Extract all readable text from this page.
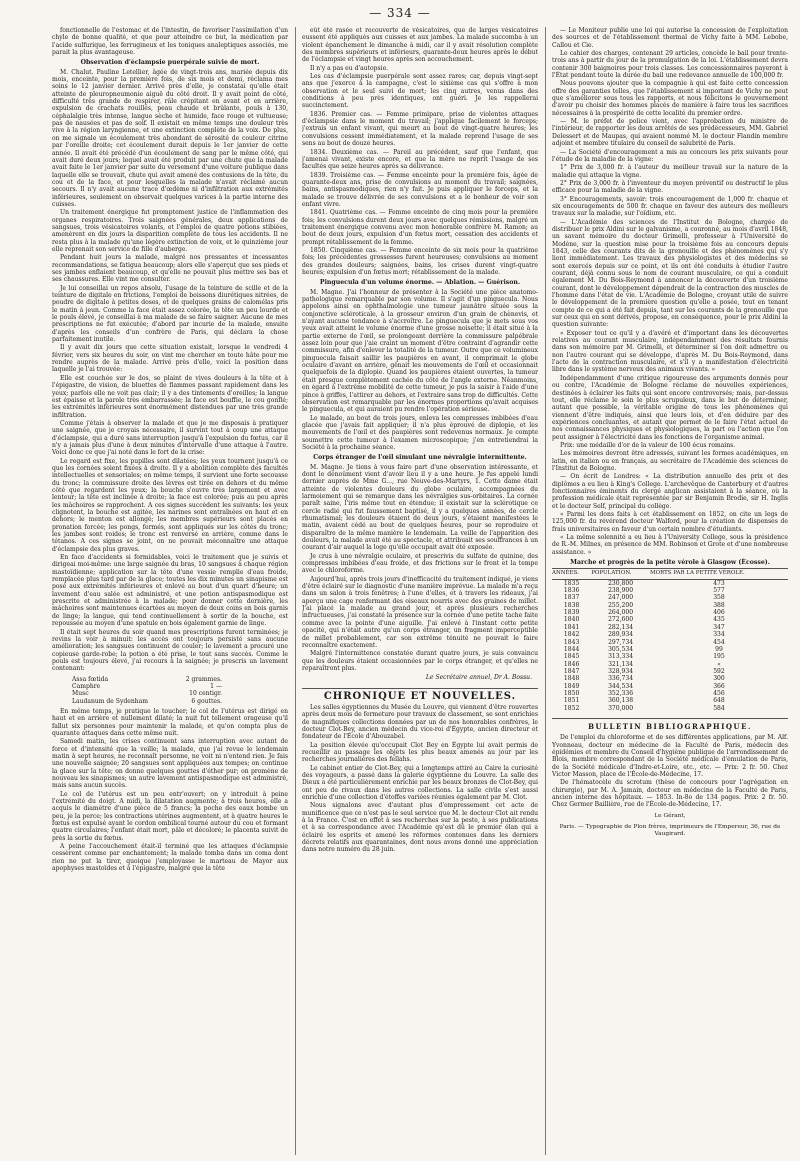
— 334 —

fonctionnelle de l'estomac et de l'intestin, de favoriser l'assimilation d'un chyle de bonne qualité, et que pour atteindre ce but, la médication par l'acide sulfurique, les ferrugineux et les toniques analeptiques associés, me parait la plus avantageuse.

Observation d'éclampsie puerpérale suivie de mort.

M. Chalut. Pauline Letellier, âgée de vingt-trois ans, mariée depuis dix mois, enceinte, pour la première fois, de six mois et demi, réclama mes soins le 12 janvier dernier. Arrivé près d'elle, je constatai qu'elle était atteinte de pleuropneumonie aiguë du côté droit. Il y avait point de côté, difficulté très grande de respirer, râle crépitant en avant et en arrière, expulsion de crachats rouillés, peau chaude et brûlante, pouls à 130, céphalalgie très intense, langue sèche et humide, face rouge et vultueuse; pas de nausées et pas de soif. Il existait en même temps une douleur très vive à la région laryngienne, et une extinction complète de la voix. De plus, on me signale un écoulement très abondant de sérosité de couleur citrine par l'oreille droite; cet écoulement durait depuis le 1er janvier de cette année. Il avait été précédé d'un écoulement de sang par le même côté, qui avait duré deux jours; lequel avait été produit par une chute que la malade avait faite le 1er janvier par suite du versement d'une voiture publique dans laquelle elle se trouvait, chute qui avait amené des contusions de la tête, du cou et de la face, et pour lesquelles la malade n'avait réclamé aucun secours. Il n'y avait aucune trace d'œdème ni d'infiltration aux extrémités inférieures, seulement on observait quelques varices à la partie interne des cuisses.

Un traitement énergique fut promptement justice de l'inflammation des organes respiratoires. Trois saignées générales, deux applications de sangsues, trois vésicatoires volants, et l'emploi de quatre potions stibiées, amenèrent en dix jours la disparition complète de tous les accidents. Il ne resta plus à la malade qu'une légère extinction de voix, et le quinzième jour elle reprenait son service de fille d'auberge.

Pendant huit jours la malade, malgré nos pressantes et incessantes recommandations, se fatigua beaucoup; alors elle s'aperçut que ses pieds et ses jambes enflaient beaucoup, et qu'elle ne pouvait plus mettre ses bas et ses chaussures. Elle vint me consulter.

Je lui conseillai un repos absolu, l'usage de la teinture de scille et de la teinture de digitale en frictions, l'emploi de boissons diurétiques nitrées, de poudre de digitale à petites doses, et de quelques grains de calomélas pris le matin à jeun. Comme la face était assez colorée, la tête un peu lourde et le pouls élevé, je conseillai à ma malade de se faire saigner. Aucune de mes prescriptions ne fut exécutée; d'abord par incurie de la malade, ensuite d'après les conseils d'un confrère de Paris, qui déclara la chose parfaitement inutile.

Il y avait dix jours que cette situation existait, lorsque le vendredi 4 février, vers six heures du soir, on vint me chercher en toute hâte pour me rendre auprès de la malade. Arrivé près d'elle, voici la position dans laquelle je l'ai trouvée:

Elle est couchée sur le dos, se plaint de vives douleurs à la tête et à l'épigastre, de vision, de bluettes de flammes passant rapidement dans les yeux; parfois elle ne voit pas clair; il y a des tintements d'oreilles; la langue est épaisse et la parole très embarrassée; la face est bouffie, le cou gonflé; les extrémités inférieures sont énormément distendues par une très grande infiltration.

Comme j'étais à observer la malade et que je me disposais à pratiquer une saignée, que je croyais nécessaire, il survint tout à coup une attaque d'éclampsie, qui a duré sans interruption jusqu'à l'expulsion du fœtus, car il n'y a jamais plus d'une à deux minutes d'intervalle d'une attaque à l'autre. Voici donc ce que j'ai noté dans le fort de la crise:

Le regard est fixe, les pupilles sont dilatées; les yeux tournent jusqu'à ce que les cornées soient fixées à droite. Il y a abolition complète des facultés intellectuelles et sensoriales; en même temps, il survient une forte secousse du tronc; la commissure droite des lèvres est tirée en dehors et du même côté que regardent les yeux; la bouche s'ouvre très largement et avec lenteur; la tête est inclinée à droite; la face est colorée; puis au peu après les mâchoires se rapprochent. A ces signes succèdent les suivants: les yeux clignotent, la bouche est agitée, les narines sont entraînées en haut et en dehors; le menton est allongé; les membres supérieurs sont placés en pronation forcée; les pongs, fermés, sont appliqués sur les côtés du tronc; les jambes sont roides; le tronc est renversé en arrière, comme dans le tétanos. A ces signes se joint, on ne pouvait méconnaître une attaque d'éclampsie des plus graves.

En face d'accidents si formidables, voici le traitement que je suivis et dirigeai moi-même: une large saignée du bras, 10 sangsues à chaque région mastoïdienne; application sur la tête d'une vessie remplie d'eau froide, remplacée plus tard par de la glace; toutes les dix minutes un sinapisme est posé aux extrémités inférieures et enlevé au bout d'un quart d'heure; un lavement d'eau salée est administré, et une potion antispasmodique est prescrite et administrée à la malade; pour donner cette dernière, les mâchoires sont maintenues écartées au moyen de deux coins en bois garnis de linge; la langue, qui tend continuellement à sortir de la bouche, est repoussée au moyen d'une spatule en bois également garnie de linge.

Il était sept heures du soir quand mes prescriptions furent terminées; je revins la voir à minuit: les accès ont toujours persisté sans aucune amélioration; les sangsues continuent de couler; le lavement a procuré une copieuse garde-robe; la potion a été prise, le tout sans succès. Comme le pouls est toujours élevé, j'ai recours à la saignée; je prescris un lavement contenant:

Assa fœtida	2 grammes.
Camphre	1 —
Musc	10 centigr.
Laudanum de Sydenham	6 gouttes.

En même temps, je pratique le toucher; le col de l'utérus est dirigé en haut et en arrière et nullement dilaté; la nuit fut tellement orageuse qu'il fallut six personnes pour maintenir la malade, et qu'on compta plus de quarante attaques dans cette même nuit.

Samedi matin, les crises continuent sans interruption avec autant de force et d'intensité que la veille; la malade, que j'ai revue le lendemain matin à sept heures, ne reconnaît personne, ne voit ni n'entend rien. Je fais une nouvelle saignée; 20 sangsues sont appliquées aux tempes; on continue la glace sur la tête; on donne quelques gouttes d'éther pur; on promène de nouveau les sinapismes; un autre lavement antispasmodique est administré, mais sans aucun succès.

Le col de l'utérus est un peu entr'ouvert; on y introduit à peine l'extrémité du doigt. A midi, la dilatation augmente; à trois heures, elle a acquis le diamètre d'une pièce de 5 francs; la poche des eaux bombe un peu, je la perce; les contractions utérines augmentent, et à quatre heures le fœtus est expulsé ayant le cordon ombilical tourné autour du cou et formant quatre circulaires; l'enfant était mort, pâle et décoloré; le placenta suivit de près la sortie du fœtus.

A peine l'accouchement était-il terminé que les attaques d'éclampsie cessèrent comme par enchantement; la malade tomba dans un coma dont rien ne put la tirer, quoique j'employasse le marteau de Mayor aux apophyses mastoïdes et à l'épigastre, malgré que la tête

eût été rasée et recouverte de vésicatoires, que de larges vésicatoires eussent été appliqués aux cuisses et aux jambes. La malade succomba à un violent épanchement le dimanche à midi, car il y avait résolution complète des membres supérieurs et inférieurs, quarante-deux heures après le début de l'éclampsie et vingt heures après son accouchement.

Il n'y a pas eu d'autopsie.

Les cas d'éclampsie puerpérale sont assez rares; car, depuis vingt-sept ans que j'exerce à la campagne, c'est le sixième cas qui s'offre à mon observation et le seul suivi de mort; les cinq autres, venus dans des conditions à peu près identiques, ont guéri. Je les rappellerai succinctement.

1836. Premier cas. — Femme primipare, prise de violentes attaques d'éclampsie dans le moment du travail; j'applique facilement le forceps; j'extrais un enfant vivant, qui meurt au bout de vingt-quatre heures; les convulsions cessent immédiatement, et la malade reprend l'usage de ses sens au bout de douze heures.

1834. Deuxième cas. — Pareil au précédent, sauf que l'enfant, que j'amenai vivant, existe encore, et que la mère ne reprit l'usage de ses facultés que seize heures après sa délivrance.

1839. Troisième cas. — Femme enceinte pour la première fois, âgée de quarante-deux ans, prise de convulsions au moment du travail; saignées, bains, antispasmodiques, rien n'y fait. Je puis appliquer le forceps, et la malade se trouve délivrée de ses convulsions et a le bonheur de voir son enfant vivre.

1841. Quatrième cas. — Femme enceinte de cinq mois pour la première fois; les convulsions durent deux jours avec quelques rémissions, malgré un traitement énergique convenu avec mon honorable confrère M. Ramon; au bout de deux jours, expulsion d'un fœtus mort, cessation des accidents et prompt rétablissement de la femme.

1850. Cinquième cas. — Femme enceinte de six mois pour la quatrième fois; les précédentes grossesses furent heureuses; convulsions au moment des grandes douleurs; saignées, bains, les crises durent vingt-quatre heures; expulsion d'un fœtus mort; rétablissement de la malade.

Pinguecula d'un volume énorme. — Ablation. — Guérison.

M. Magne. J'ai l'honneur de présenter à la Société une pièce anatomo-pathologique remarquable par son volume. Il s'agit d'un pinguecula. Nous appelons ainsi en ophthalmologie une tumeur jaunâtre située sous la conjonctive scléroticale, à la grosseur environ d'un grain de chènevis, et n'ayant aucune tendance à s'accroître. Le pinguecula que je mets sous vos yeux avait atteint le volume énorme d'une grosse noisette; il était situé à la partie externe de l'œil, se prolongeant derrière la commissure palpébrale assez loin pour que j'aie craint un moment d'être contraint d'agrandir cette commissure, afin d'enlever la totalité de la tumeur. Outre que ce volumineux pinguecula faisait saillir les paupières en avant, il comprimait le globe oculaire d'avant en arrière, gênait les mouvements de l'œil et occasionnait quelquefois de la diplopie. Quand les paupières étaient ouvertes, la tumeur était presque complètement cachée du côté de l'angle externe. Néanmoins, en égard à l'extrême mobilité de cette tumeur, je pus la saisir à l'aide d'une pince à griffes, l'attirer au dehors, et l'extraire sans trop de difficultés. Cette observation est remarquable par les énormes proportions qu'avait acquises le pinguecula, et qui auraient pu rendre l'opération sérieuse.

Le malade, au bout de trois jours, enleva les compresses imbibées d'eau glacée que j'avais fait appliquer; il n'a plus éprouvé de diplopie, et les mouvements de l'œil et des paupières sont redevenus normaux. Je compte soumettre cette tumeur à l'examen microscopique; j'en entretiendrai la Société à la prochaine séance.

Corps étranger de l'œil simulant une névralgie intermittente.

M. Magne. Je tiens à vous faire part d'une observation intéressante, et dont le dénoûment vient d'avoir lieu il y a une heure. Je fus appelé lundi dernier auprès de Mme G..., rue Neuve-des-Martyrs, 1. Cette dame était atteinte de violentes douleurs du globe oculaire, accompagnées du larmoiement qui se remarque dans les névralgies sus-orbitaires. La cornée paraît saine, l'iris même tout en étendue; il existait sur la sclérotique ce cercle radié qui fut faussement baptisé, il y a quelques années, de cercle rhumatismal; les douleurs étaient de deux jours, s'étaient manifestées le matin, avaient cédé au bout de quelques heures, pour se reproduire et disparaître de la même manière le lendemain. La veille de l'apparition des douleurs, la malade avait été au spectacle, et attribuait ses souffrances à un courant d'air auquel la loge qu'elle occupait avait été exposée.

Je crus à une névralgie oculaire, et prescrivis du sulfate de quinine, des compresses imbibées d'eau froide, et des frictions sur le front et la tempe avec le chloroforme.

Aujourd'hui, après trois jours d'inefficacité du traitement indiqué, je viens d'être éclairé sur le diagnostic d'une manière imprévue. La malade m'a reçu dans un salon à trois fenêtres; à l'une d'elles, et à travers les rideaux, j'ai aperçu une cage renfermant des oiseaux nourris avec des graines de millet. J'ai placé la malade au grand jour, et après plusieurs recherches infructueuses, j'ai constaté la présence sur la cornée d'une petite tache faite comme avec la pointe d'une aiguille. J'ai enlevé à l'instant cette petite opacité, qui n'était autre qu'un corps étranger, un fragment imperceptible de millet probablement, car son extrême ténuité ne pouvait le faire reconnaître exactement.

Malgré l'intermittence constatée durant quatre jours, je suis convaincu que les douleurs étaient occasionnées par le corps étranger, et qu'elles ne reparaîtront plus.

Le Secrétaire annuel, Dr A. Bossu.

CHRONIQUE ET NOUVELLES.

Les salles égyptiennes du Musée du Louvre, qui viennent d'être rouvertes après deux mois de fermeture pour travaux de classement, se sont enrichies de magnifiques collections données par un de nos honorables confrères, le docteur Clot-Bey, ancien médecin du vice-roi d'Égypte, ancien directeur et fondateur de l'École d'Abouzabel.

La position élevée qu'occupait Clot Bey en Égypte lui avait permis de recueillir au passage les objets les plus beaux amenés au jour par les recherches journalières des fellahs.

Le cabinet entier de Clot-Bey, qui a longtemps attiré au Caire la curiosité des voyageurs, a passé dans la galerie égyptienne du Louvre. La salle des Dieux a été particulièrement enrichie par les beaux bronzes de Clot-Bey, qui ont peu de rivaux dans les autres collections. La salle civile s'est aussi enrichie d'une collection d'étoffes variées réunies également par M. Clot.

Nous signalons avec d'autant plus d'empressement cet acte de munificence que ce n'est pas le seul service que M. le docteur Clot ait rendu à la France. C'est en effet à ses recherches sur la peste, à ses publications et à sa correspondance avec l'Académie qu'est dû le premier élan qui a éclairé les esprits et amené les réformes contenues dans les derniers décrets relatifs aux quarantaines, dont nous avons donné une appréciation dans notre numéro du 28 juin.

— Le Moniteur publie une loi qui autorise la concession de l'exploitation des sources et de l'établissement thermal de Vichy faite à MM. Lebobe, Callou et Cie.

Le cahier des charges, contenant 29 articles, concède le bail pour trente-trois ans à partir du jour de la promulgation de la loi. L'établissement devra contenir 300 baignoires pour trois classes. Les concessionnaires payeront à l'État pendant toute la durée du bail une redevance annuelle de 100,000 fr.

Nous pouvons ajouter que la compagnie à qui est faite cette concession offre des garanties telles, que l'établissement si important de Vichy ne peut que s'améliorer sous tous les rapports, et nous félicitons le gouvernement d'avoir pu choisir des hommes placés de manière à faire tous les sacrifices nécessaires à la prospérité de cette localité du premier ordre.

— M. le préfet de police vient, avec l'approbation du ministre de l'intérieur, de rapporter les deux arrêtés de ses prédécesseurs, MM. Gabriel Delessert et de Maupas, qui avaient nommé M. le docteur Flandin membre adjoint et membre titulaire du conseil de salubrité de Paris.

— La Société d'encouragement a mis au concours les prix suivants pour l'étude de la maladie de la vigne:

1° Prix de 3,000 fr. à l'auteur du meilleur travail sur la nature de la maladie qui attaque la vigne.

2° Prix de 3,000 fr. à l'inventeur du moyen préventif ou destructif le plus efficace pour la maladie de la vigne.

3° Encouragements, savoir: trois encouragement de 1,000 fr. chaque et six encouragements de 500 fr. chaque en faveur des auteurs des meilleurs travaux sur la maladie, sur l'oïdium, etc.

— L'Académie des sciences de l'Institut de Bologne, chargée de distribuer le prix Aldini sur le galvanisme, a couronné, au mois d'avril 1848, un savant mémoire du docteur Grimelli, professeur à l'Université de Modène, sur la question mise pour la troisième fois au concours depuis 1843, celle des courants dits de la grenouille et des phénomènes qui s'y lient immédiatement. Les travaux des physiologistes et des médecins se sont exercés depuis sur ce point, et ils ont été conduits à étudier l'autre courant, déjà connu sous le nom de courant musculaire, ce qui a conduit également M. Du Bois-Reymond à annoncer la découverte d'un troisième courant, dont le développement dépendrait de la contraction des muscles de l'homme dans l'état de vie. L'Académie de Bologne, croyant utile de suivre le développement de la première question qu'elle a posée, tout en tenant compte de ce qui a été fait depuis, tant sur les courants de la grenouille que sur ceux qui en sont dérivés, propose, en conséquence, pour le prix Aldini la question suivante:

« Exposer tout ce qu'il y a d'avéré et d'important dans les découvertes relatives au courant musculaire, indépendamment des résultats fournis dans son mémoire par M. Grimelli, et déterminer si l'on doit admettre ou non l'autre courant qui se développe, d'après M. Du Bois-Reymond, dans l'acte de la contraction musculaire, et s'il y a manifestation d'électricité libre dans le système nerveux des animaux vivants. »

Indépendamment d'une critique rigoureuse des arguments donnés pour ou contre, l'Académie de Bologne réclame de nouvelles expériences, destinées à éclairer les faits qui sont encore controversés; mais, par-dessus tout, elle réclame le soin le plus scrupuleux, dans le but de déterminer, autant que possible, la véritable origine de tous les phénomènes qui viennent d'être indiqués, ainsi que leurs lois, et d'en déduire par des expériences concluantes, et autant que permet de le faire l'état actuel de nos connaissances physiques et physiologiques, la part ou l'action que l'on peut assigner à l'électricité dans les fonctions de l'organisme animal.

Prix: une médaille d'or de la valeur de 100 écus romains.

Les mémoires devront être adressés, suivant les formes académiques, en latin, en italien ou en français, au secrétaire de l'Académie des sciences de l'Institut de Bologne.

— On écrit de Londres: « La distribution annuelle des prix et des diplômes a eu lieu à King's College. L'archevêque de Canterbury et d'autres fonctionnaires éminents du clergé anglican assistaient à la séance, où la profession médicale était représentée par sir Benjamin Brodie, sir H. Inglis et le docteur Self, principal du collège.

« Parmi les dons faits à cet établissement en 1852, on cite un legs de 125,000 fr. du révérend docteur Walford, pour la création de dispenses de frais universitaires en faveur d'un certain nombre d'étudiants.

« La même solennité a eu lieu à l'University College, sous la présidence de R.-M. Milnes, en présence de MM. Robinson et Grote et d'une nombreuse assistance. »

Marche et progrès de la petite vérole à Glasgow (Écosse).

ANNÉES.	POPULATION.	MORTS PAR LA PETITE VÉROLE.
1835	230,800	473
1836	238,900	577
1837	247,000	358
1838	255,200	388
1839	264,000	406
1840	272,600	435
1841	282,134	347
1842	289,934	334
1843	297,734	454
1844	305,534	99
1845	313,334	195
1846	321,134	«
1847	328,934	592
1848	336,734	300
1849	344,534	366
1850	352,336	456
1851	360,138	648
1852	370,000	584
BULLETIN BIBLIOGRAPHIQUE.

De l'emploi du chloroforme et de ses différentes applications, par M. Alf. Yvonneau, docteur en médecine de la Faculté de Paris, médecin des épidémies et membre du Conseil d'hygiène publique de l'arrondissement de Blois, membre correspondant de la Société médicale d'émulation de Paris, de la Société médicale d'Indre-et-Loire, etc., etc. — Prix: 2 fr. 50. Chez Victor Masson, place de l'École-de-Médecine, 17.

De l'hématocèle du scrotum (thèse de concours pour l'agrégation en chirurgie), par M. A. Jamain, docteur en médecine de la Faculté de Paris, ancien interne des hôpitaux. — 1853. In-8o de 134 pages. Prix: 2 fr. 50. Chez Germer Baillière, rue de l'École-de-Médecine, 17.

Le Gérant,

Paris. — Typographie de Plon frères, imprimeurs de l'Empereur, 36, rue de Vaugirard.
